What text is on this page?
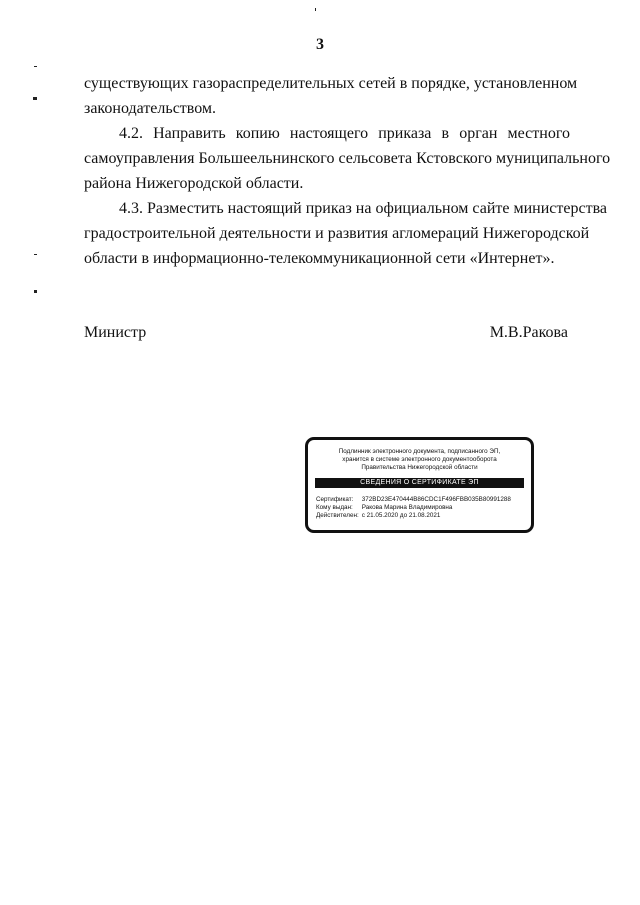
3
существующих газораспределительных сетей в порядке, установленном
законодательством.
4.2. Направить копию настоящего приказа в орган местного
самоуправления Большеельнинского сельсовета Кстовского муниципального
района Нижегородской области.
4.3. Разместить настоящий приказ на официальном сайте министерства
градостроительной деятельности и развития агломераций Нижегородской
области в информационно-телекоммуникационной сети «Интернет».
Министр	М.В.Ракова
Подлинник электронного документа, подписанного ЭП,
хранится в системе электронного документооборота
Правительства Нижегородской области
СВЕДЕНИЯ О СЕРТИФИКАТЕ ЭП
Сертификат: 372BD23E470444B86CDC1F496FBB035B80991288
Кому выдан: Ракова Марина Владимировна
Действителен: с 21.05.2020 до 21.08.2021
